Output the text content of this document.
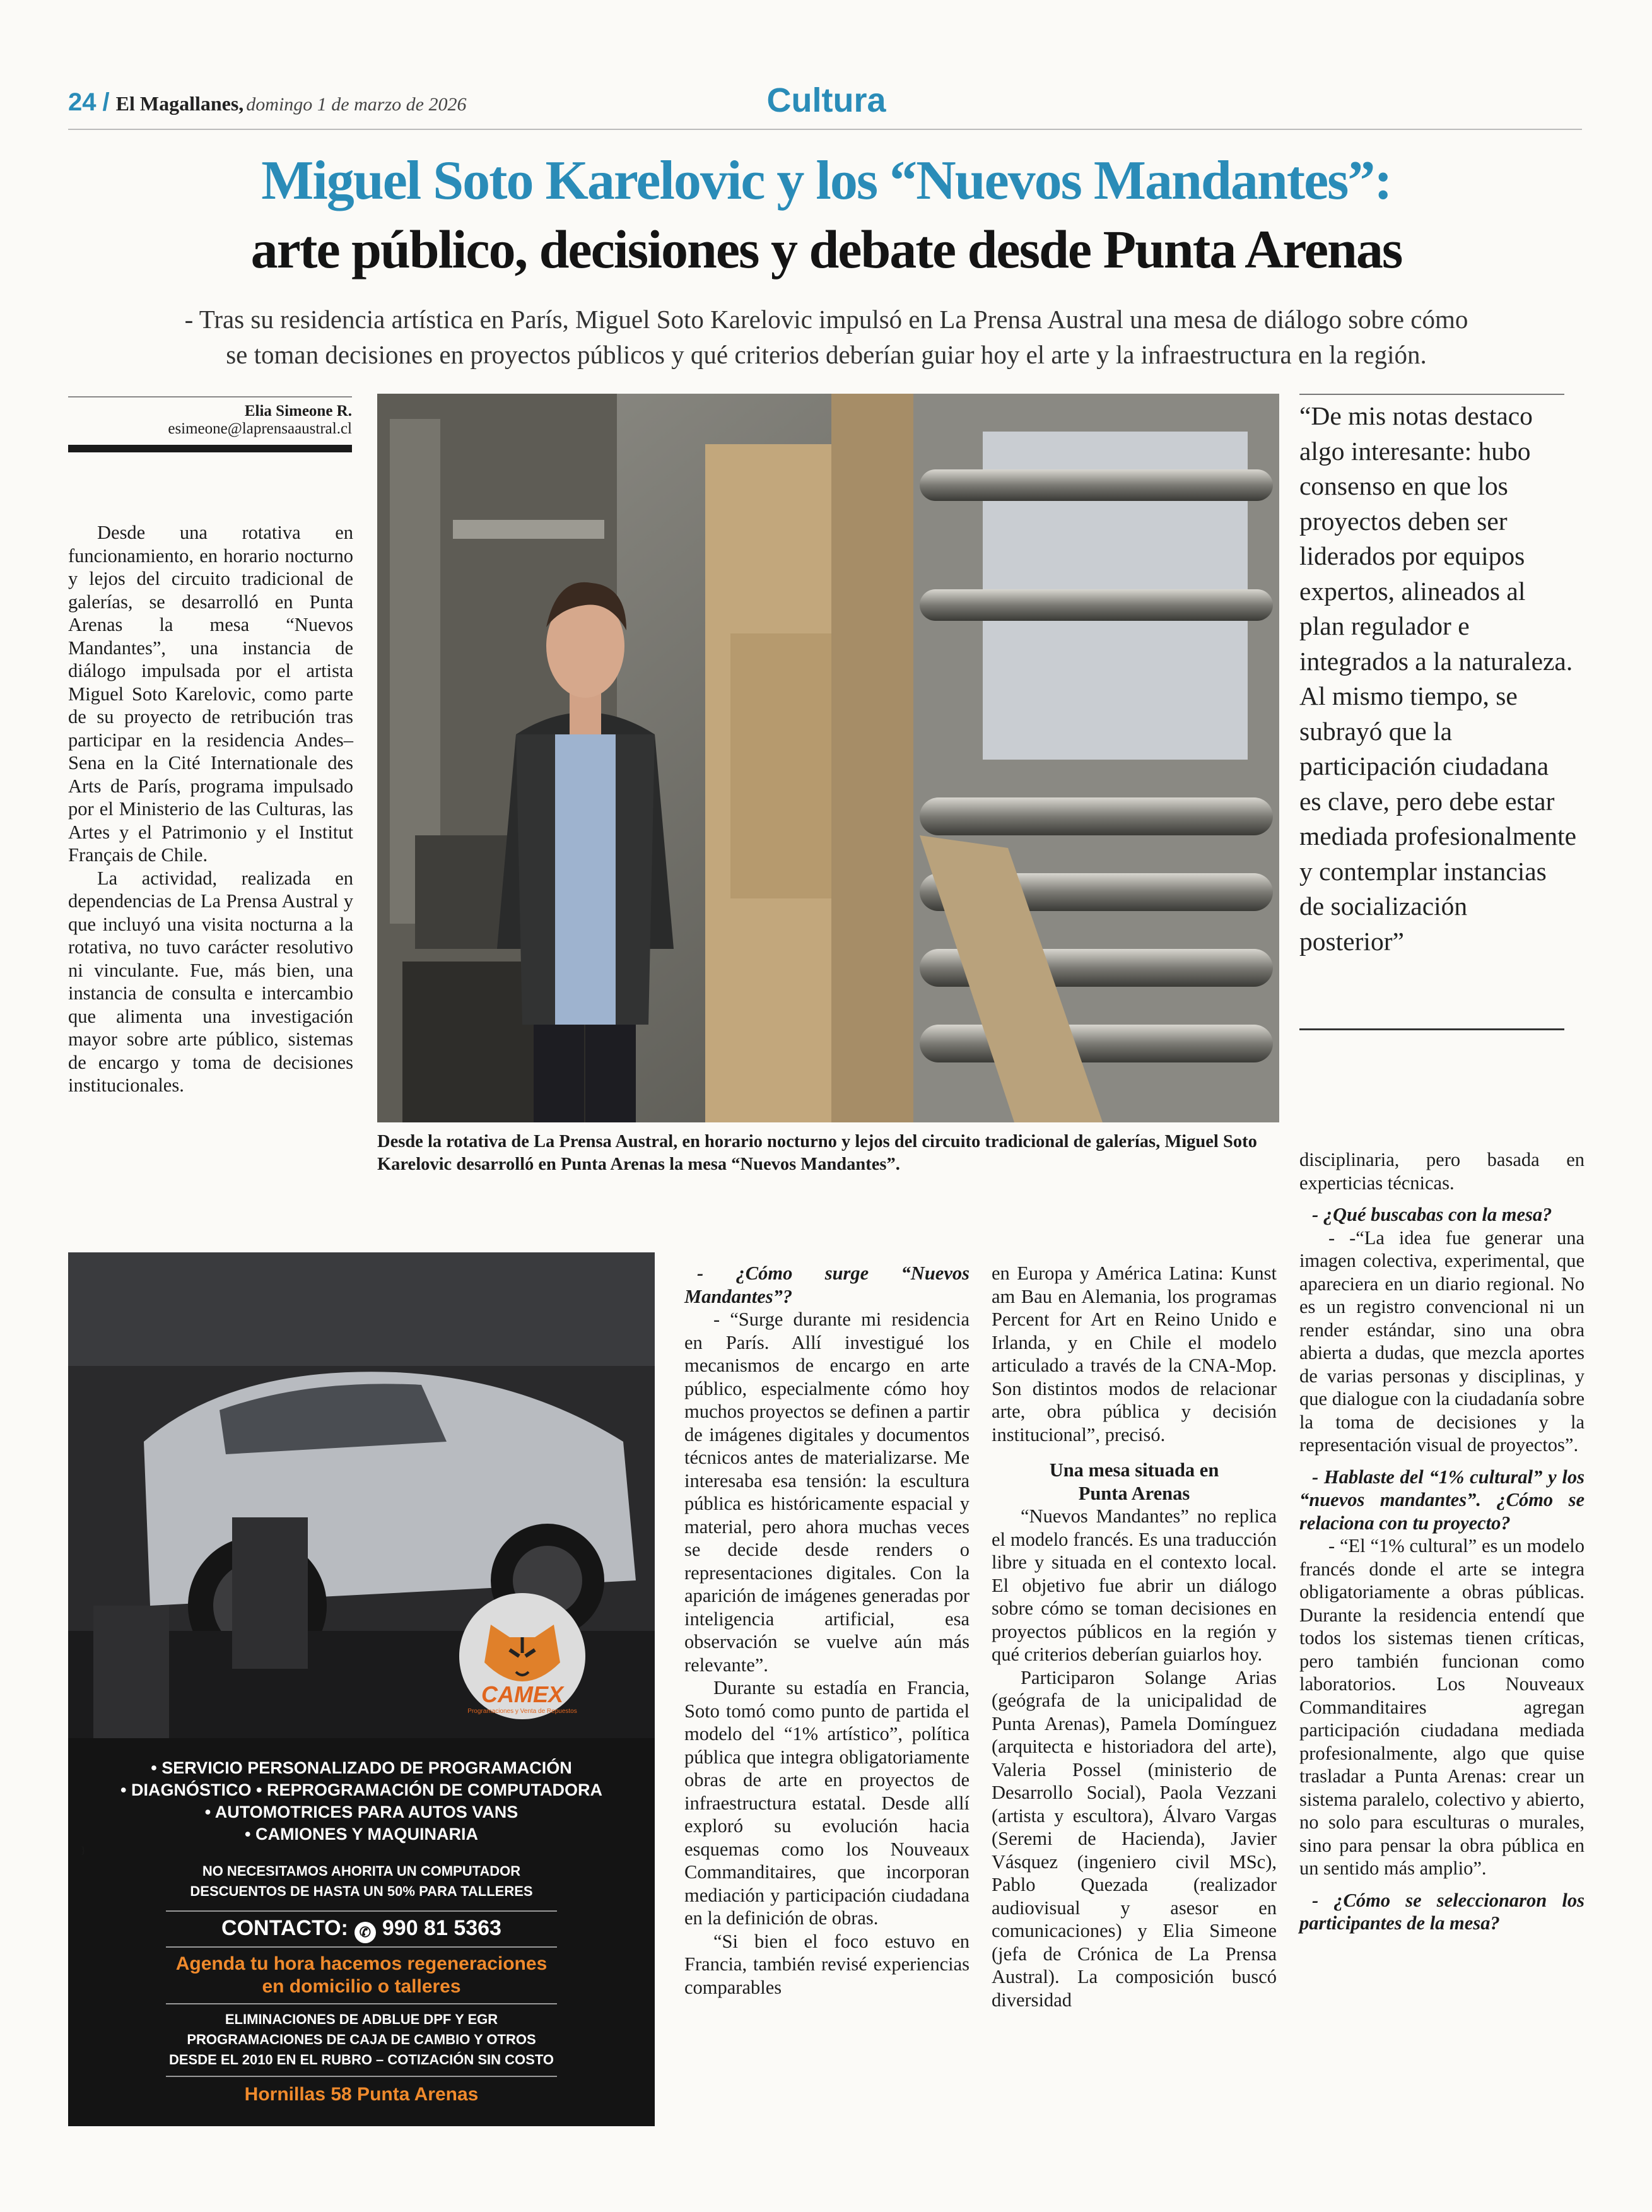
24 / El Magallanes, domingo 1 de marzo de 2026	Cultura
Miguel Soto Karelovic y los “Nuevos Mandantes”:
arte público, decisiones y debate desde Punta Arenas
- Tras su residencia artística en París, Miguel Soto Karelovic impulsó en La Prensa Austral una mesa de diálogo sobre cómo
se toman decisiones en proyectos públicos y qué criterios deberían guiar hoy el arte y la infraestructura en la región.
Elia Simeone R.
esimeone@laprensaaustral.cl

Desde una rotativa en funcionamiento, en horario nocturno y lejos del circuito tradicional de galerías, se desarrolló en Punta Arenas la mesa “Nuevos Mandantes”, una instancia de diálogo impulsada por el artista Miguel Soto Karelovic, como parte de su proyecto de retribución tras participar en la residencia Andes–Sena en la Cité Internationale des Arts de París, programa impulsado por el Ministerio de las Culturas, las Artes y el Patrimonio y el Institut Français de Chile.

La actividad, realizada en dependencias de La Prensa Austral y que incluyó una visita nocturna a la rotativa, no tuvo carácter resolutivo ni vinculante. Fue, más bien, una instancia de consulta e intercambio que alimenta una investigación mayor sobre arte público, sistemas de encargo y toma de decisiones institucionales.

Desde la rotativa de La Prensa Austral, en horario nocturno y lejos del circuito tradicional de galerías, Miguel Soto Karelovic desarrolló en Punta Arenas la mesa “Nuevos Mandantes”.
“De mis notas destaco algo interesante: hubo consenso en que los proyectos deben ser liderados por equipos expertos, alineados al plan regulador e integrados a la naturaleza. Al mismo tiempo, se subrayó que la participación ciudadana es clave, pero debe estar mediada profesionalmente y contemplar instancias de socialización posterior”
CAMEX
Programaciones y Venta de Repuestos
• SERVICIO PERSONALIZADO DE PROGRAMACIÓN
• DIAGNÓSTICO • REPROGRAMACIÓN DE COMPUTADORA
• AUTOMOTRICES PARA AUTOS VANS
• CAMIONES Y MAQUINARIA
}
NO NECESITAMOS AHORITA UN COMPUTADOR
DESCUENTOS DE HASTA UN 50% PARA TALLERES
CONTACTO: ✆ 990 81 5363
Agenda tu hora hacemos regeneraciones
en domicilio o talleres
ELIMINACIONES DE ADBLUE DPF Y EGR
PROGRAMACIONES DE CAJA DE CAMBIO Y OTROS
DESDE EL 2010 EN EL RUBRO – COTIZACIÓN SIN COSTO
Hornillas 58 Punta Arenas

- ¿Cómo surge “Nuevos Mandantes”?

- “Surge durante mi residencia en París. Allí investigué los mecanismos de encargo en arte público, especialmente cómo hoy muchos proyectos se definen a partir de imágenes digitales y documentos técnicos antes de materializarse. Me interesaba esa tensión: la escultura pública es históricamente espacial y material, pero ahora muchas veces se decide desde renders o representaciones digitales. Con la aparición de imágenes generadas por inteligencia artificial, esa observación se vuelve aún más relevante”.

Durante su estadía en Francia, Soto tomó como punto de partida el modelo del “1% artístico”, política pública que integra obligatoriamente obras de arte en proyectos de infraestructura estatal. Desde allí exploró su evolución hacia esquemas como los Nouveaux Commanditaires, que incorporan mediación y participación ciudadana en la definición de obras.

“Si bien el foco estuvo en Francia, también revisé experiencias comparables

en Europa y América Latina: Kunst am Bau en Alemania, los programas Percent for Art en Reino Unido e Irlanda, y en Chile el modelo articulado a través de la CNA-Mop. Son distintos modos de relacionar arte, obra pública y decisión institucional”, precisó.

Una mesa situada en Punta Arenas

“Nuevos Mandantes” no replica el modelo francés. Es una traducción libre y situada en el contexto local. El objetivo fue abrir un diálogo sobre cómo se toman decisiones en proyectos públicos en la región y qué criterios deberían guiarlos hoy.

Participaron Solange Arias (geógrafa de la unicipalidad de Punta Arenas), Pamela Domínguez (arquitecta e historiadora del arte), Valeria Possel (ministerio de Desarrollo Social), Paola Vezzani (artista y escultora), Álvaro Vargas (Seremi de Hacienda), Javier Vásquez (ingeniero civil MSc), Pablo Quezada (realizador audiovisual y asesor en comunicaciones) y Elia Simeone (jefa de Crónica de La Prensa Austral). La composición buscó diversidad

disciplinaria, pero basada en experticias técnicas.

- ¿Qué buscabas con la mesa?

- -“La idea fue generar una imagen colectiva, experimental, que apareciera en un diario regional. No es un registro convencional ni un render estándar, sino una obra abierta a dudas, que mezcla aportes de varias personas y disciplinas, y que dialogue con la ciudadanía sobre la toma de decisiones y la representación visual de proyectos”.

- Hablaste del “1% cultural” y los “nuevos mandantes”. ¿Cómo se relaciona con tu proyecto?

- “El “1% cultural” es un modelo francés donde el arte se integra obligatoriamente a obras públicas. Durante la residencia entendí que todos los sistemas tienen críticas, pero también funcionan como laboratorios. Los Nouveaux Commanditaires agregan participación ciudadana mediada profesionalmente, algo que quise trasladar a Punta Arenas: crear un sistema paralelo, colectivo y abierto, no solo para esculturas o murales, sino para pensar la obra pública en un sentido más amplio”.

- ¿Cómo se seleccionaron los participantes de la mesa?
